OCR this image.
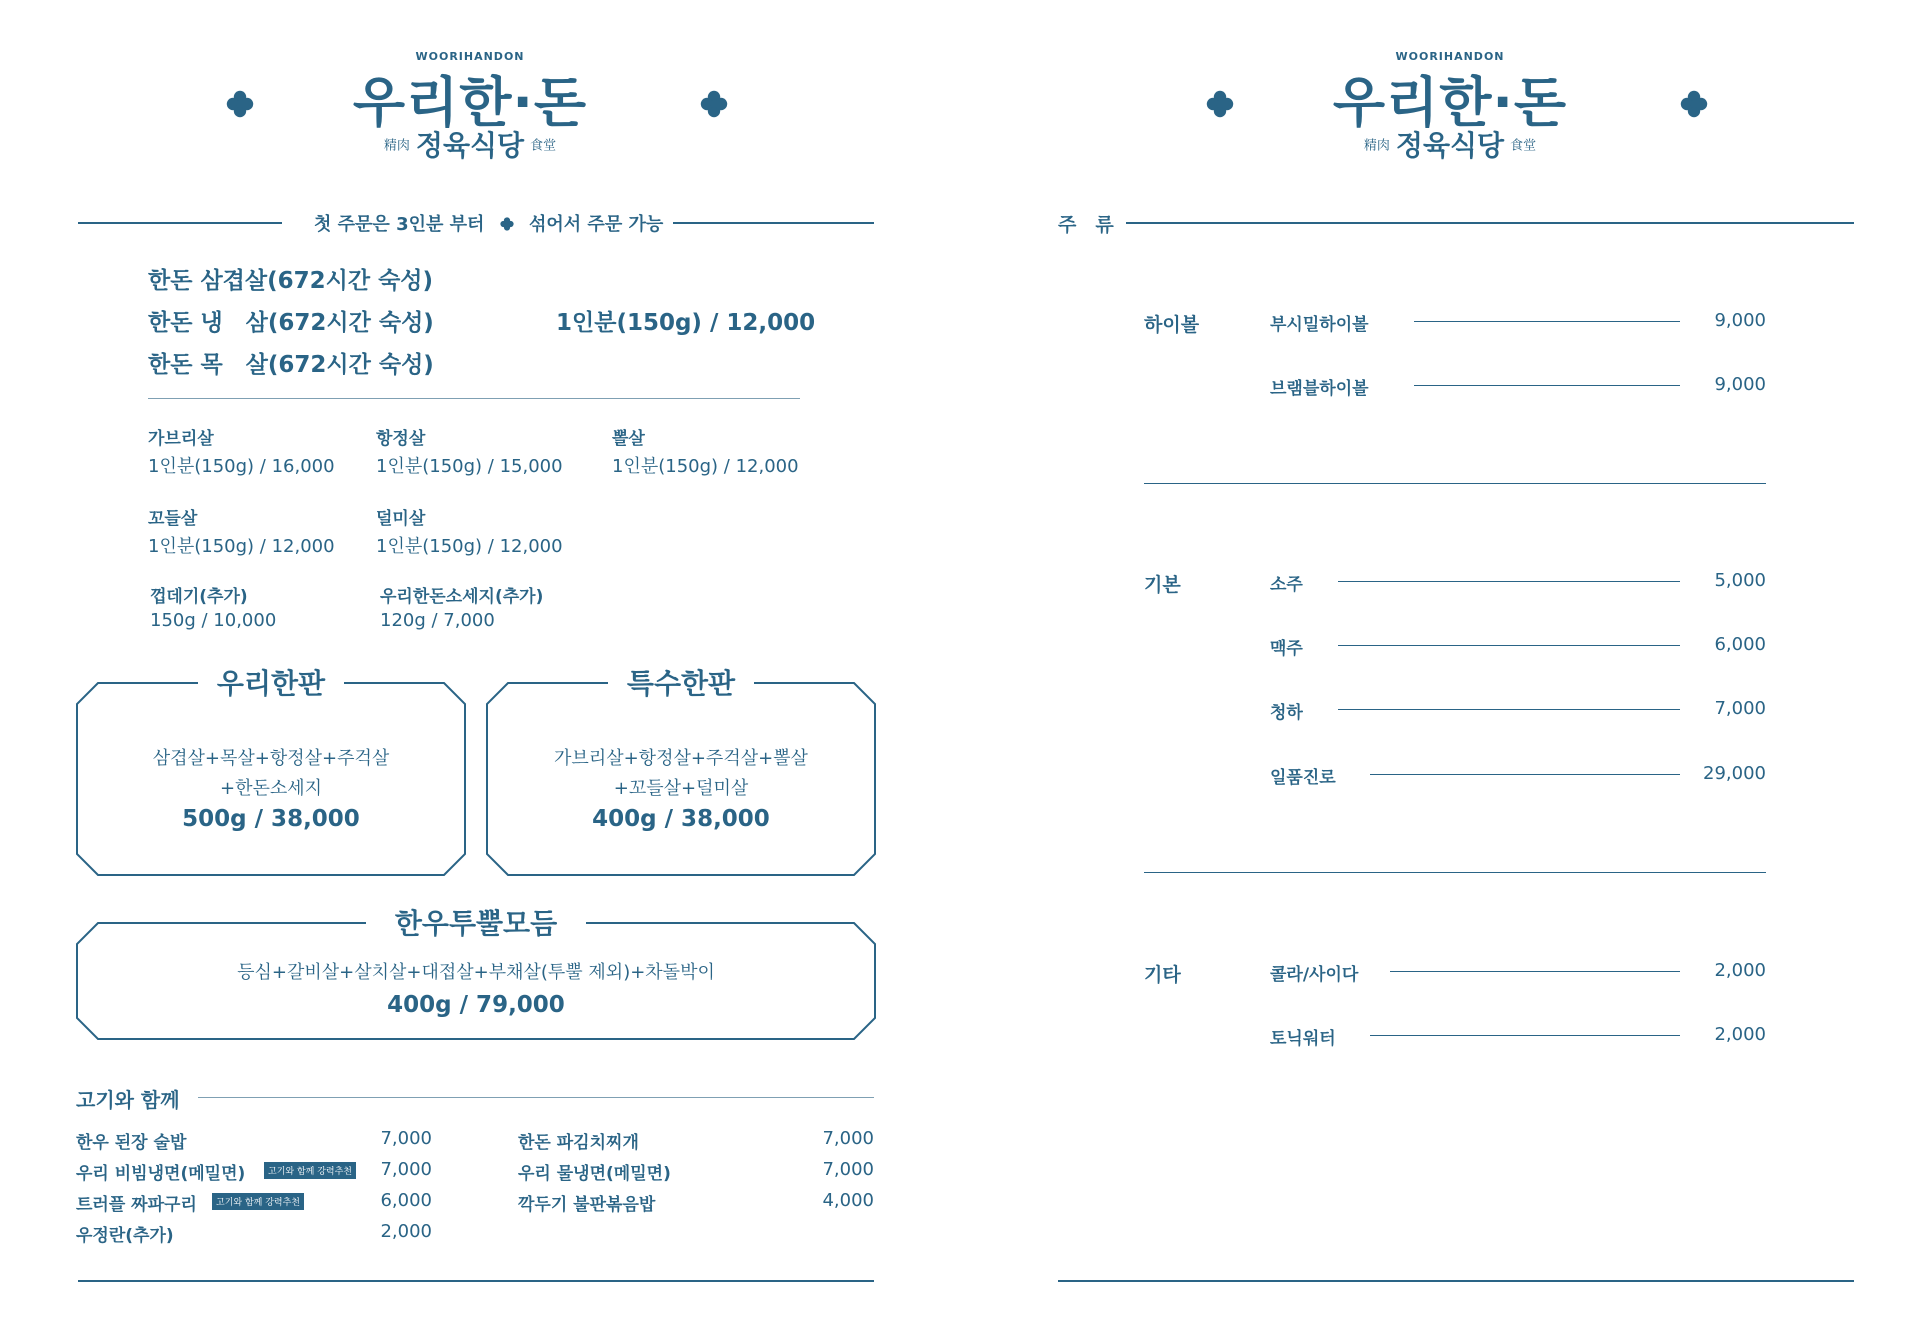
WOORIHANDON
우리한·돈
精肉 정육식당 食堂
첫 주문은 3인분 부터 섞어서 주문 가능
한돈 삼겹살(672시간 숙성)
한돈 냉　삼(672시간 숙성)
한돈 목　살(672시간 숙성)
1인분(150g) / 12,000
가브리살
1인분(150g) / 16,000
항정살
1인분(150g) / 15,000
뽈살
1인분(150g) / 12,000
꼬들살
1인분(150g) / 12,000
덜미살
1인분(150g) / 12,000
껍데기(추가)
150g / 10,000
우리한돈소세지(추가)
120g / 7,000
우리한판
삼겹살+목살+항정살+주걱살
+한돈소세지
500g / 38,000
특수한판
가브리살+항정살+주걱살+뽈살
+꼬들살+덜미살
400g / 38,000
한우투뿔모듬
등심+갈비살+살치살+대접살+부채살(투뿔 제외)+차돌박이
400g / 79,000
고기와 함께
한우 된장 술밥	7,000
우리 비빔냉면(메밀면)	고기와 함께 강력추천	7,000
트러플 짜파구리	고기와 함께 강력추천	6,000
우정란(추가)	2,000
한돈 파김치찌개	7,000
우리 물냉면(메밀면)	7,000
깍두기 불판볶음밥	4,000
WOORIHANDON
우리한·돈
精肉 정육식당 食堂
주　류
하이볼	부시밀하이볼	9,000
브램블하이볼	9,000
기본	소주	5,000
맥주	6,000
청하	7,000
일품진로	29,000
기타	콜라/사이다	2,000
토닉워터	2,000
